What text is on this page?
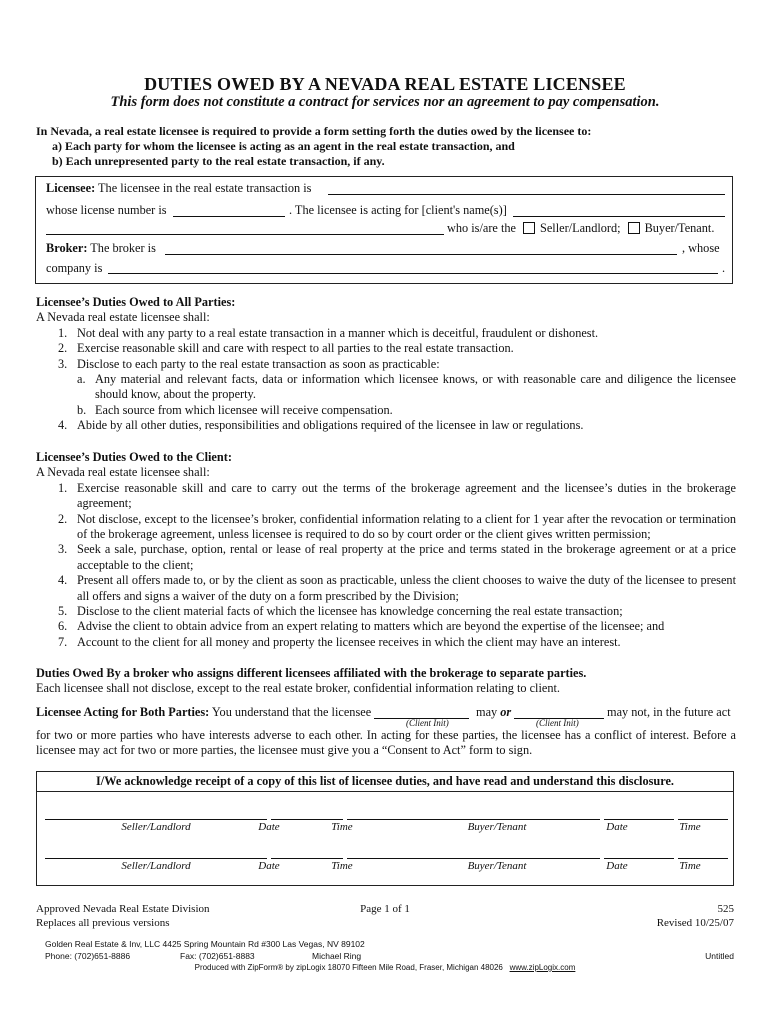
DUTIES OWED BY A NEVADA REAL ESTATE LICENSEE
This form does not constitute a contract for services nor an agreement to pay compensation.
In Nevada, a real estate licensee is required to provide a form setting forth the duties owed by the licensee to:
a) Each party for whom the licensee is acting as an agent in the real estate transaction, and
b) Each unrepresented party to the real estate transaction, if any.
Licensee: The licensee in the real estate transaction is
whose license number is	. The licensee is acting for [client's name(s)]
who is/are the Seller/Landlord; Buyer/Tenant.
Broker: The broker is	, whose
company is	.
Licensee’s Duties Owed to All Parties:
A Nevada real estate licensee shall:
1. Not deal with any party to a real estate transaction in a manner which is deceitful, fraudulent or dishonest.
2. Exercise reasonable skill and care with respect to all parties to the real estate transaction.
3. Disclose to each party to the real estate transaction as soon as practicable:
a. Any material and relevant facts, data or information which licensee knows, or with reasonable care and diligence the licensee should know, about the property.
b. Each source from which licensee will receive compensation.
4. Abide by all other duties, responsibilities and obligations required of the licensee in law or regulations.
Licensee’s Duties Owed to the Client:
A Nevada real estate licensee shall:
1. Exercise reasonable skill and care to carry out the terms of the brokerage agreement and the licensee’s duties in the brokerage agreement;
2. Not disclose, except to the licensee’s broker, confidential information relating to a client for 1 year after the revocation or termination of the brokerage agreement, unless licensee is required to do so by court order or the client gives written permission;
3. Seek a sale, purchase, option, rental or lease of real property at the price and terms stated in the brokerage agreement or at a price acceptable to the client;
4. Present all offers made to, or by the client as soon as practicable, unless the client chooses to waive the duty of the licensee to present all offers and signs a waiver of the duty on a form prescribed by the Division;
5. Disclose to the client material facts of which the licensee has knowledge concerning the real estate transaction;
6. Advise the client to obtain advice from an expert relating to matters which are beyond the expertise of the licensee; and
7. Account to the client for all money and property the licensee receives in which the client may have an interest.
Duties Owed By a broker who assigns different licensees affiliated with the brokerage to separate parties.
Each licensee shall not disclose, except to the real estate broker, confidential information relating to client.
Licensee Acting for Both Parties: You understand that the licensee
(Client Init)
may or
(Client Init)
may not, in the future act
for two or more parties who have interests adverse to each other. In acting for these parties, the licensee has a conflict of interest. Before a licensee may act for two or more parties, the licensee must give you a “Consent to Act” form to sign.
I/We acknowledge receipt of a copy of this list of licensee duties, and have read and understand this disclosure.
Seller/Landlord	Date	Time	Buyer/Tenant	Date	Time
Seller/Landlord	Date	Time	Buyer/Tenant	Date	Time
Approved Nevada Real Estate Division
Replaces all previous versions
Page 1 of 1	525
Revised 10/25/07
Golden Real Estate & Inv, LLC 4425 Spring Mountain Rd #300 Las Vegas, NV 89102
Phone: (702)651-8886	Fax: (702)651-8883	Michael Ring	Untitled
Produced with ZipForm® by zipLogix 18070 Fifteen Mile Road, Fraser, Michigan 48026 www.zipLogix.com
